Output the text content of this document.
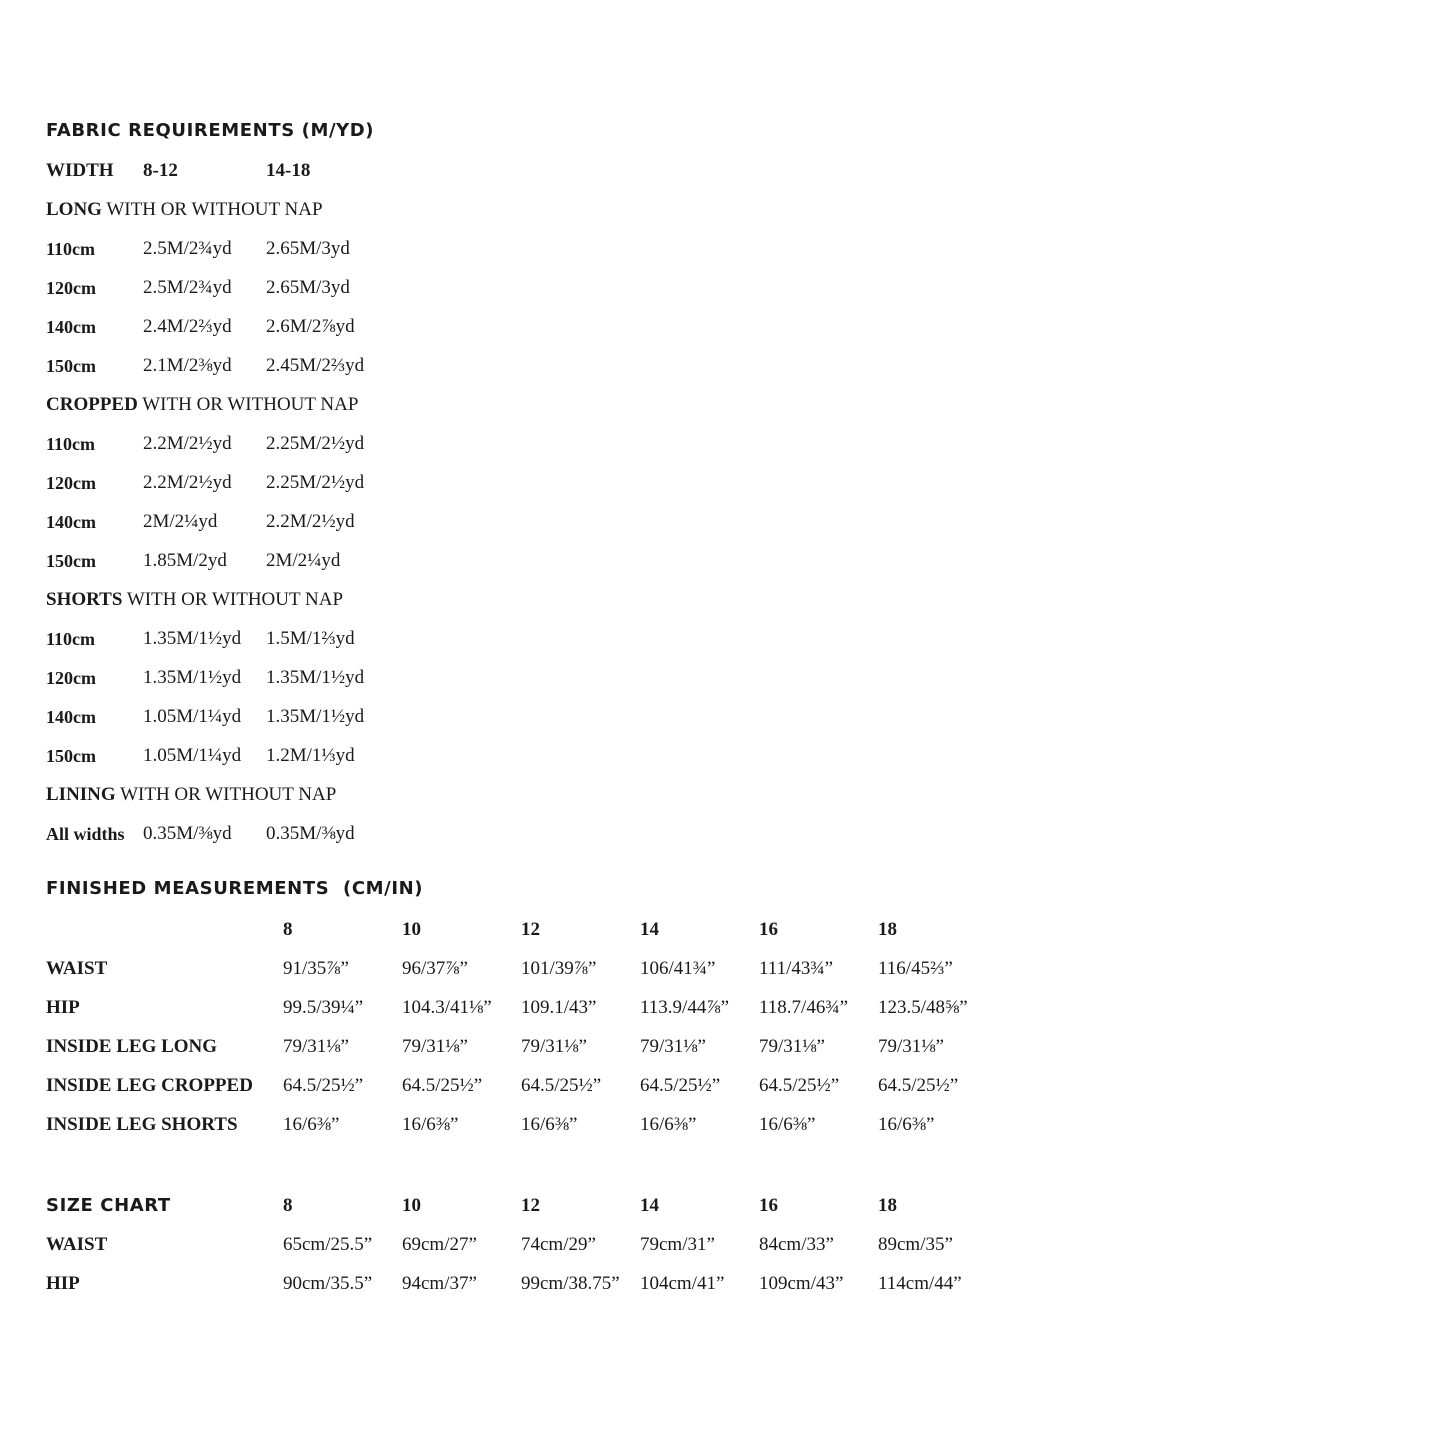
FABRIC REQUIREMENTS (M/YD)
WIDTH 8-12	14-18
LONG WITH OR WITHOUT NAP
110cm	2.5M/2¾yd 2.65M/3yd
120cm 2.5M/2¾yd 2.65M/3yd
140cm 2.4M/2⅔yd 2.6M/2⅞yd
150cm 2.1M/2⅜yd 2.45M/2⅔yd
CROPPED WITH OR WITHOUT NAP
110cm	2.2M/2½yd 2.25M/2½yd
120cm 2.2M/2½yd 2.25M/2½yd
140cm 2M/2¼yd	2.2M/2½yd
150cm 1.85M/2yd 2M/2¼yd
SHORTS WITH OR WITHOUT NAP
110cm	1.35M/1½yd 1.5M/1⅔yd
120cm 1.35M/1½yd 1.35M/1½yd
140cm 1.05M/1¼yd 1.35M/1½yd
150cm 1.05M/1¼yd 1.2M/1⅓yd
LINING WITH OR WITHOUT NAP
All widths 0.35M/⅜yd 0.35M/⅜yd
FINISHED MEASUREMENTS  (CM/IN)
8	10	12	14	16	18
WAIST	91/35⅞”	96/37⅞”	101/39⅞” 106/41¾” 111/43¾” 116/45⅔”
HIP	99.5/39¼” 104.3/41⅛” 109.1/43” 113.9/44⅞” 118.7/46¾” 123.5/48⅝”
INSIDE LEG LONG	79/31⅛”	79/31⅛”	79/31⅛”	79/31⅛”	79/31⅛”	79/31⅛”
INSIDE LEG CROPPED 64.5/25½” 64.5/25½” 64.5/25½” 64.5/25½” 64.5/25½” 64.5/25½”
INSIDE LEG SHORTS 16/6⅜”	16/6⅜”	16/6⅜”	16/6⅜”	16/6⅜”	16/6⅜”
SIZE CHART	8	10	12	14	16	18
WAIST	65cm/25.5” 69cm/27” 74cm/29” 79cm/31” 84cm/33” 89cm/35”
HIP	90cm/35.5” 94cm/37” 99cm/38.75” 104cm/41” 109cm/43” 114cm/44”
